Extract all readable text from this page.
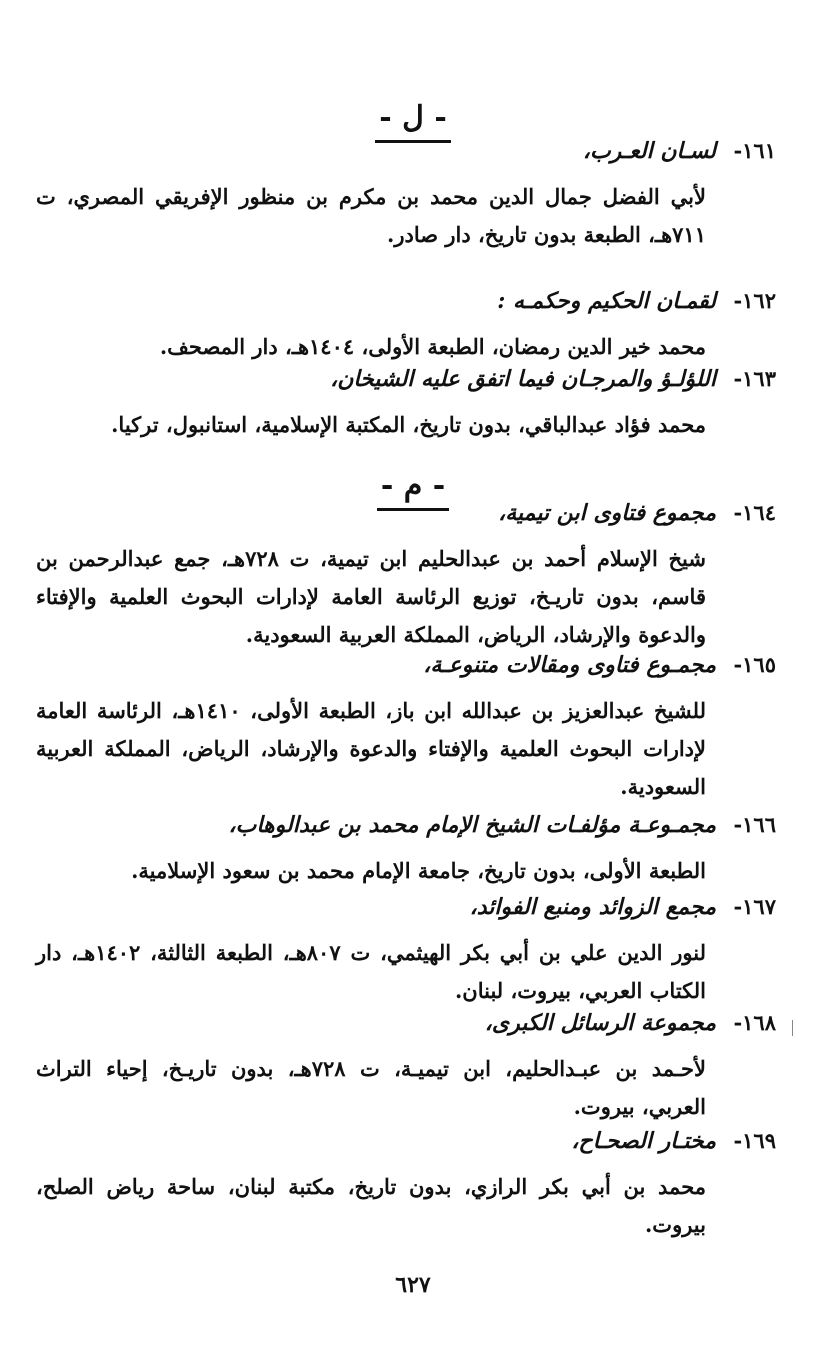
- ل -
١٦١-
لسـان العـرب،
لأبي الفضل جمال الدين محمد بن مكرم بن منظور الإفريقي المصري، ت ٧١١هـ، الطبعة بدون تاريخ، دار صادر.
١٦٢-
لقمـان الحكيم وحكمـه :
محمد خير الدين رمضان، الطبعة الأولى، ١٤٠٤هـ، دار المصحف.
١٦٣-
اللؤلـؤ والمرجـان فيما اتفق عليه الشيخان،
محمد فؤاد عبدالباقي، بدون تاريخ، المكتبة الإسلامية، استانبول، تركيا.
- م -
١٦٤-
مجموع فتاوى ابن تيمية،
شيخ الإسلام أحمد بن عبدالحليم ابن تيمية، ت ٧٢٨هـ، جمع عبدالرحمن بن قاسم، بدون تاريـخ، توزيع الرئاسة العامة لإدارات البحوث العلمية والإفتاء والدعوة والإرشاد، الرياض، المملكة العربية السعودية.
١٦٥-
مجمـوع فتاوى ومقالات متنوعـة،
للشيخ عبدالعزيز بن عبدالله ابن باز، الطبعة الأولى، ١٤١٠هـ، الرئاسة العامة لإدارات البحوث العلمية والإفتاء والدعوة والإرشاد، الرياض، المملكة العربية السعودية.
١٦٦-
مجمـوعـة مؤلفـات الشيخ الإمام محمد بن عبدالوهاب،
الطبعة الأولى، بدون تاريخ، جامعة الإمام محمد بن سعود الإسلامية.
١٦٧-
مجمع الزوائد ومنبع الفوائد،
لنور الدين علي بن أبي بكر الهيثمي، ت ٨٠٧هـ، الطبعة الثالثة، ١٤٠٢هـ، دار الكتاب العربي، بيروت، لبنان.
١٦٨-
مجموعة الرسائل الكبرى،
لأحـمد بن عبـدالحليم، ابن تيميـة، ت ٧٢٨هـ، بدون تاريـخ، إحياء التراث العربي، بيروت.
١٦٩-
مختـار الصحـاح،
محمد بن أبي بكر الرازي، بدون تاريخ، مكتبة لبنان، ساحة رياض الصلح، بيروت.
٦٢٧
